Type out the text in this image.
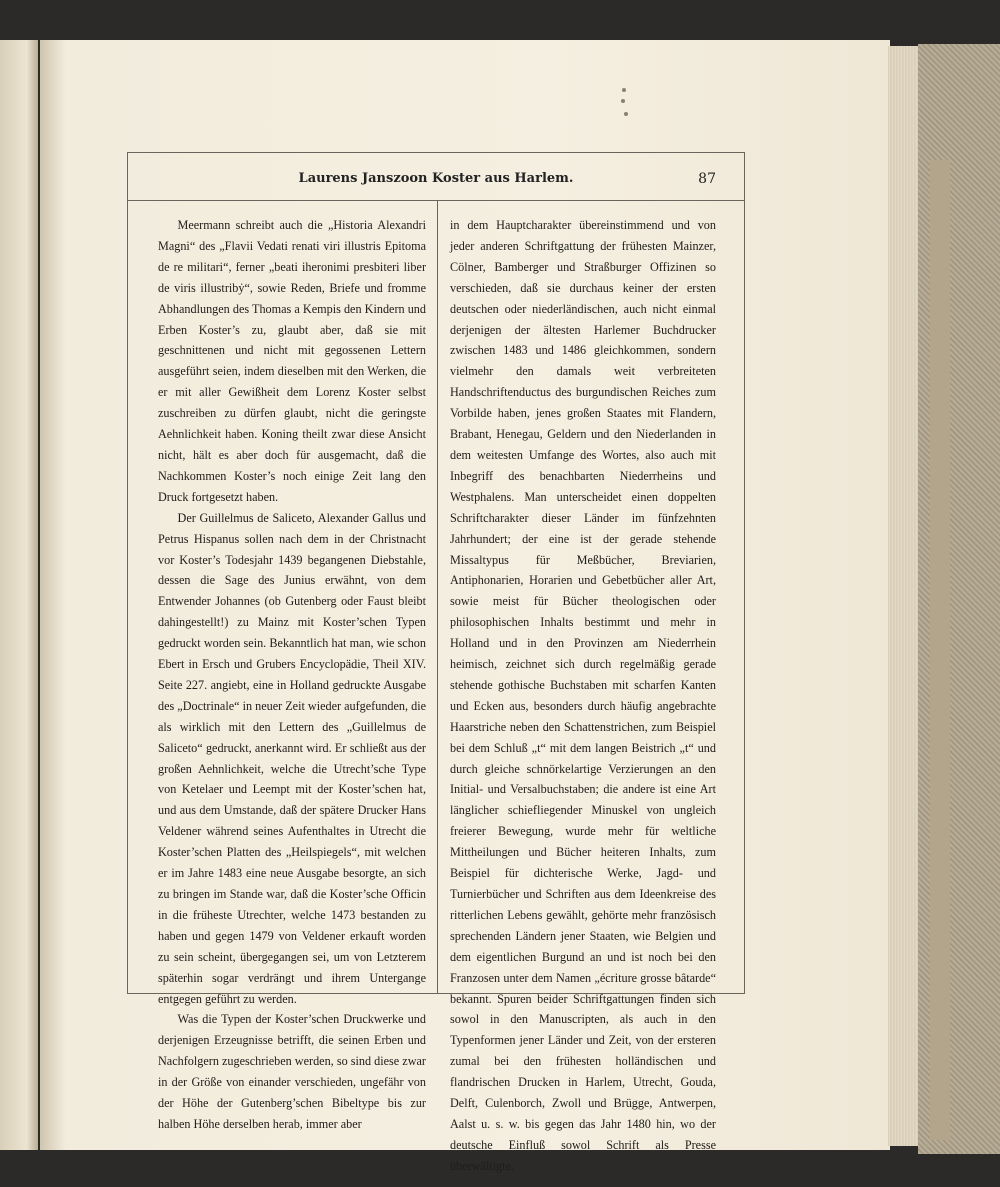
Laurens Janszoon Koster aus Harlem.	87

Meermann schreibt auch die „Historia Alexandri Magni“ des „Flavii Vedati renati viri illustris Epitoma de re militari“, ferner „beati iheronimi presbiteri liber de viris illustribẏ“, sowie Reden, Briefe und fromme Abhandlungen des Thomas a Kempis den Kindern und Erben Koster’s zu, glaubt aber, daß sie mit geschnittenen und nicht mit gegossenen Lettern ausgeführt seien, indem dieselben mit den Werken, die er mit aller Gewißheit dem Lorenz Koster selbst zuschreiben zu dürfen glaubt, nicht die geringste Aehnlichkeit haben. Koning theilt zwar diese Ansicht nicht, hält es aber doch für ausgemacht, daß die Nachkommen Koster’s noch einige Zeit lang den Druck fortgesetzt haben.

Der Guillelmus de Saliceto, Alexander Gallus und Petrus Hispanus sollen nach dem in der Christnacht vor Koster’s Todesjahr 1439 begangenen Diebstahle, dessen die Sage des Junius erwähnt, von dem Entwender Johannes (ob Gutenberg oder Faust bleibt dahingestellt!) zu Mainz mit Koster’schen Typen gedruckt worden sein. Bekanntlich hat man, wie schon Ebert in Ersch und Grubers Encyclopädie, Theil XIV. Seite 227. angiebt, eine in Holland gedruckte Ausgabe des „Doctrinale“ in neuer Zeit wieder aufgefunden, die als wirklich mit den Lettern des „Guillelmus de Saliceto“ gedruckt, anerkannt wird. Er schließt aus der großen Aehnlichkeit, welche die Utrecht’sche Type von Ketelaer und Leempt mit der Koster’schen hat, und aus dem Umstande, daß der spätere Drucker Hans Veldener während seines Aufenthaltes in Utrecht die Koster’schen Platten des „Heilspiegels“, mit welchen er im Jahre 1483 eine neue Ausgabe besorgte, an sich zu bringen im Stande war, daß die Koster’sche Officin in die früheste Utrechter, welche 1473 bestanden zu haben und gegen 1479 von Veldener erkauft worden zu sein scheint, übergegangen sei, um von Letzterem späterhin sogar verdrängt und ihrem Untergange entgegen geführt zu werden.

Was die Typen der Koster’schen Druckwerke und derjenigen Erzeugnisse betrifft, die seinen Erben und Nachfolgern zugeschrieben werden, so sind diese zwar in der Größe von einander verschieden, ungefähr von der Höhe der Gutenberg’schen Bibeltype bis zur halben Höhe derselben herab, immer aber

in dem Hauptcharakter übereinstimmend und von jeder anderen Schriftgattung der frühesten Mainzer, Cölner, Bamberger und Straßburger Offizinen so verschieden, daß sie durchaus keiner der ersten deutschen oder niederländischen, auch nicht einmal derjenigen der ältesten Harlemer Buchdrucker zwischen 1483 und 1486 gleichkommen, sondern vielmehr den damals weit verbreiteten Handschriftenductus des burgundischen Reiches zum Vorbilde haben, jenes großen Staates mit Flandern, Brabant, Henegau, Geldern und den Niederlanden in dem weitesten Umfange des Wortes, also auch mit Inbegriff des benachbarten Niederrheins und Westphalens. Man unterscheidet einen doppelten Schriftcharakter dieser Länder im fünfzehnten Jahrhundert; der eine ist der gerade stehende Missaltypus für Meßbücher, Breviarien, Antiphonarien, Horarien und Gebetbücher aller Art, sowie meist für Bücher theologischen oder philosophischen Inhalts bestimmt und mehr in Holland und in den Provinzen am Niederrhein heimisch, zeichnet sich durch regelmäßig gerade stehende gothische Buchstaben mit scharfen Kanten und Ecken aus, besonders durch häufig angebrachte Haarstriche neben den Schattenstrichen, zum Beispiel bei dem Schluß „t“ mit dem langen Beistrich „t“ und durch gleiche schnörkelartige Verzierungen an den Initial- und Versalbuchstaben; die andere ist eine Art länglicher schiefliegender Minuskel von ungleich freierer Bewegung, wurde mehr für weltliche Mittheilungen und Bücher heiteren Inhalts, zum Beispiel für dichterische Werke, Jagd- und Turnierbücher und Schriften aus dem Ideenkreise des ritterlichen Lebens gewählt, gehörte mehr französisch sprechenden Ländern jener Staaten, wie Belgien und dem eigentlichen Burgund an und ist noch bei den Franzosen unter dem Namen „écriture grosse bâtarde“ bekannt. Spuren beider Schriftgattungen finden sich sowol in den Manuscripten, als auch in den Typenformen jener Länder und Zeit, von der ersteren zumal bei den frühesten holländischen und flandrischen Drucken in Harlem, Utrecht, Gouda, Delft, Culenborch, Zwoll und Brügge, Antwerpen, Aalst u. s. w. bis gegen das Jahr 1480 hin, wo der deutsche Einfluß sowol Schrift als Presse überwältigte.
